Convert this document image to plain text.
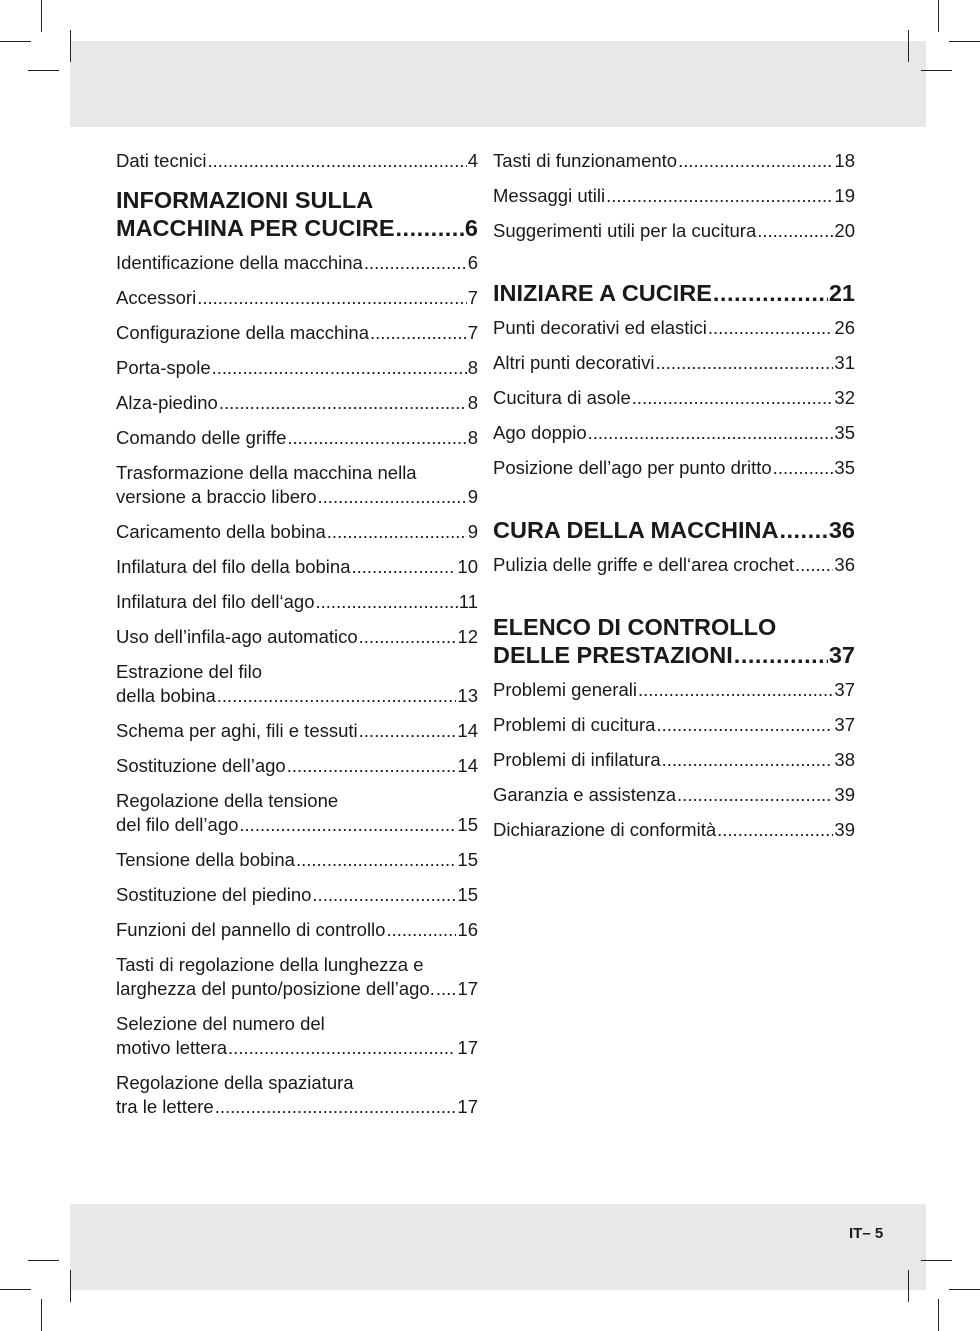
Dati tecnici .....	4
INFORMAZIONI SULLA
MACCHINA PER CUCIRE .....	6
Identificazione della macchina .....	6
Accessori .....	7
Configurazione della macchina .....	7
Porta-spole .....	8
Alza-piedino .....	8
Comando delle griffe .....	8
Trasformazione della macchina nella
versione a braccio libero .....	9
Caricamento della bobina .....	9
Infilatura del filo della bobina .....	10
Infilatura del filo dell‘ago .....	11
Uso dell’infila-ago automatico .....	12
Estrazione del filo
della bobina .....	13
Schema per aghi, fili e tessuti .....	14
Sostituzione dell’ago .....	14
Regolazione della tensione
del filo dell’ago .....	15
Tensione della bobina .....	15
Sostituzione del piedino .....	15
Funzioni del pannello di controllo .....	16
Tasti di regolazione della lunghezza e
larghezza del punto/posizione dell’ago. ..... 17
Selezione del numero del
motivo lettera .....	17
Regolazione della spaziatura
tra le lettere .....	17
Tasti di funzionamento .....	18
Messaggi utili .....	19
Suggerimenti utili per la cucitura .....	20
INIZIARE A CUCIRE .....	21
Punti decorativi ed elastici .....	26
Altri punti decorativi .....	31
Cucitura di asole .....	32
Ago doppio .....	35
Posizione dell’ago per punto dritto .....	35
CURA DELLA MACCHINA ..... 36
Pulizia delle griffe e dell‘area crochet ..... 36
ELENCO DI CONTROLLO
DELLE PRESTAZIONI .....	37
Problemi generali .....	37
Problemi di cucitura .....	37
Problemi di infilatura .....	38
Garanzia e assistenza .....	39
Dichiarazione di conformità .....	39
IT– 5
